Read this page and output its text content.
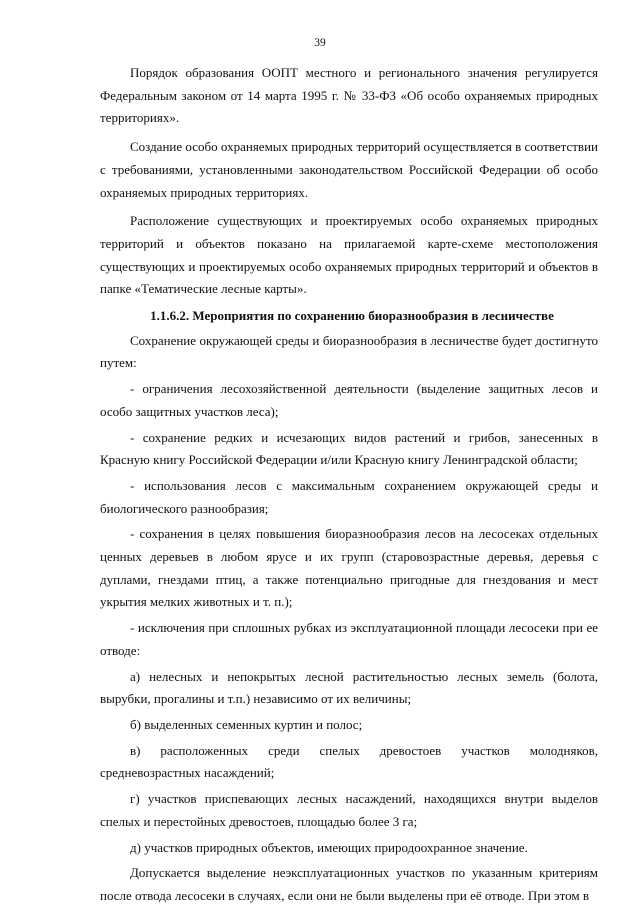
39

Порядок образования ООПТ местного и регионального значения регулируется Федеральным законом от 14 марта 1995 г. № 33-ФЗ «Об особо охраняемых природных территориях».

Создание особо охраняемых природных территорий осуществляется в соответствии с требованиями, установленными законодательством Российской Федерации об особо охраняемых природных территориях.

Расположение существующих и проектируемых особо охраняемых природных территорий и объектов показано на прилагаемой карте-схеме местоположения существующих и проектируемых особо охраняемых природных территорий и объектов в папке «Тематические лесные карты».

1.1.6.2. Мероприятия по сохранению биоразнообразия в лесничестве

Сохранение окружающей среды и биоразнообразия в лесничестве будет достигнуто путем:

- ограничения лесохозяйственной деятельности (выделение защитных лесов и особо защитных участков леса);

- сохранение редких и исчезающих видов растений и грибов, занесенных в Красную книгу Российской Федерации и/или Красную книгу Ленинградской области;

- использования лесов с максимальным сохранением окружающей среды и биологического разнообразия;

- сохранения в целях повышения биоразнообразия лесов на лесосеках отдельных ценных деревьев в любом ярусе и их групп (старовозрастные деревья, деревья с дуплами, гнездами птиц, а также потенциально пригодные для гнездования и мест укрытия мелких животных и т. п.);

- исключения при сплошных рубках из эксплуатационной площади лесосеки при ее отводе:

а) нелесных и непокрытых лесной растительностью лесных земель (болота, вырубки, прогалины и т.п.) независимо от их величины;

б) выделенных семенных куртин и полос;

в) расположенных среди спелых древостоев участков молодняков, средневозрастных насаждений;

г) участков приспевающих лесных насаждений, находящихся внутри выделов спелых и перестойных древостоев, площадью более 3 га;

д) участков природных объектов, имеющих природоохранное значение.

Допускается выделение неэксплуатационных участков по указанным критериям после отвода лесосеки в случаях, если они не были выделены при её отводе. При этом в
